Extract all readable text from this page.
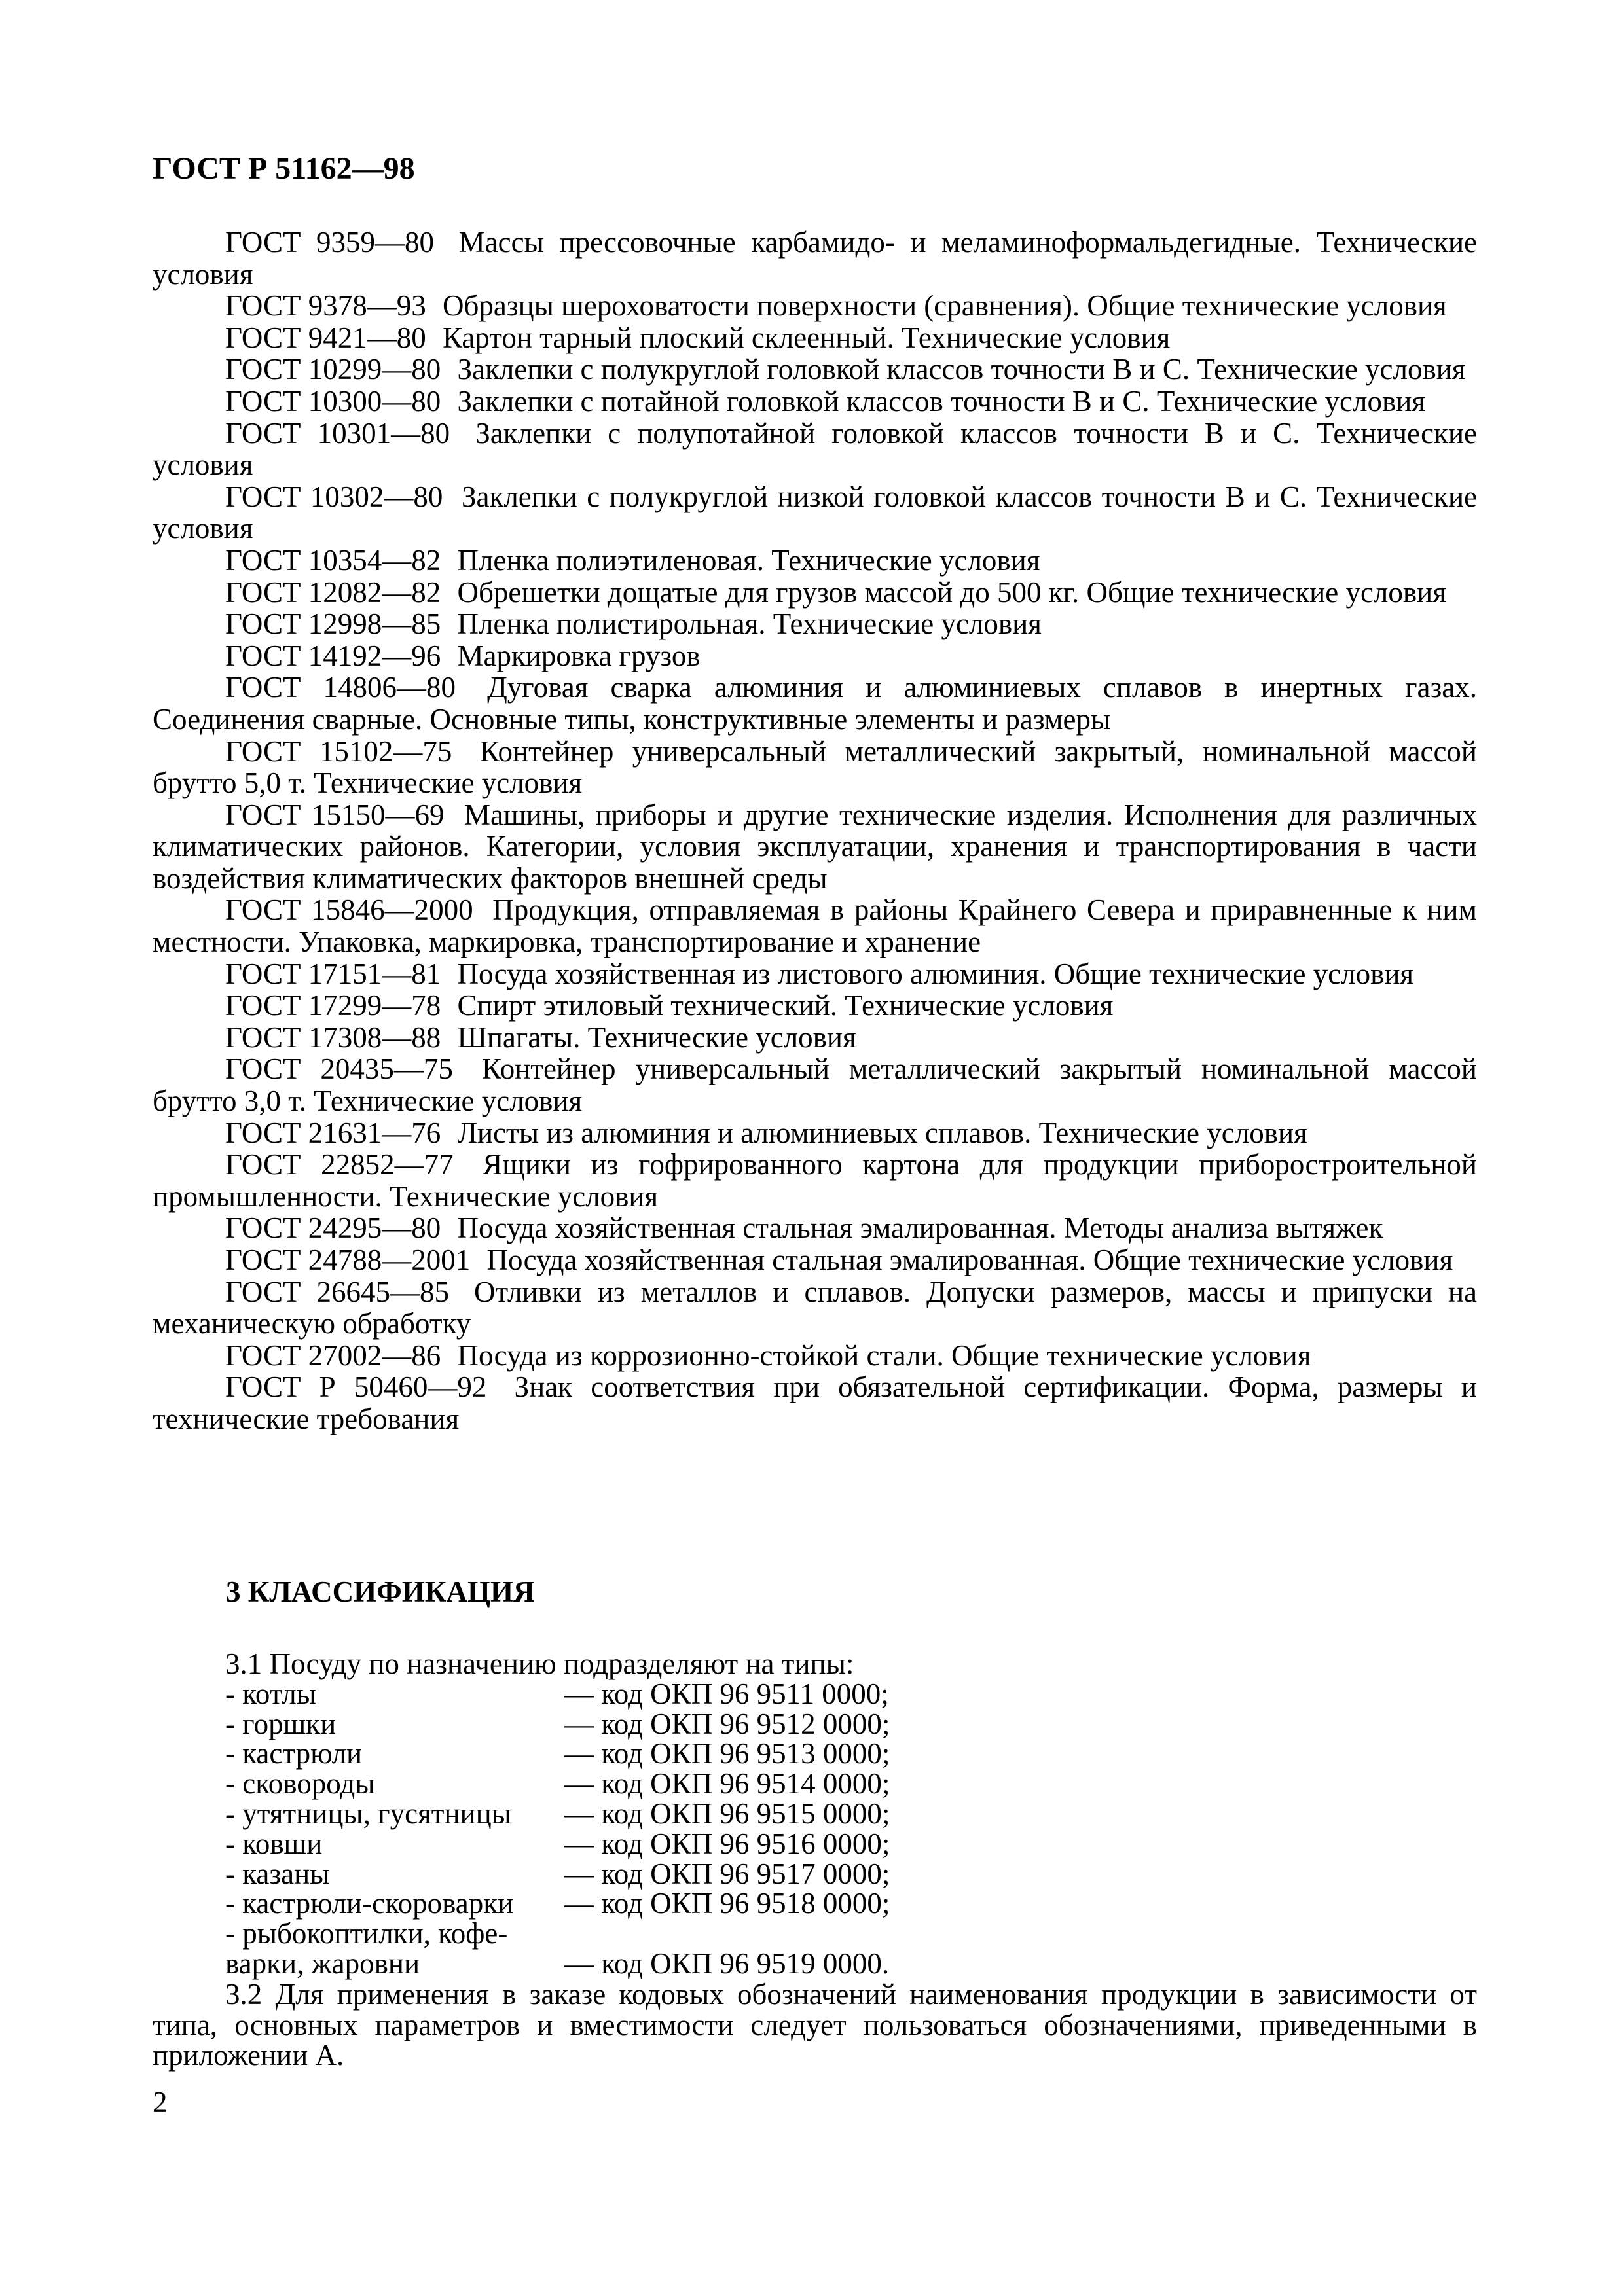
ГОСТ Р 51162—98

ГОСТ 9359—80 Массы прессовочные карбамидо- и меламиноформальдегидные. Технические условия

ГОСТ 9378—93 Образцы шероховатости поверхности (сравнения). Общие технические условия

ГОСТ 9421—80 Картон тарный плоский склеенный. Технические условия

ГОСТ 10299—80 Заклепки с полукруглой головкой классов точности В и С. Технические условия

ГОСТ 10300—80 Заклепки с потайной головкой классов точности В и С. Технические условия

ГОСТ 10301—80 Заклепки с полупотайной головкой классов точности В и С. Технические условия

ГОСТ 10302—80 Заклепки с полукруглой низкой головкой классов точности В и С. Технические условия

ГОСТ 10354—82 Пленка полиэтиленовая. Технические условия

ГОСТ 12082—82 Обрешетки дощатые для грузов массой до 500 кг. Общие технические условия

ГОСТ 12998—85 Пленка полистирольная. Технические условия

ГОСТ 14192—96 Маркировка грузов

ГОСТ 14806—80 Дуговая сварка алюминия и алюминиевых сплавов в инертных газах. Соединения сварные. Основные типы, конструктивные элементы и размеры

ГОСТ 15102—75 Контейнер универсальный металлический закрытый, номинальной массой брутто 5,0 т. Технические условия

ГОСТ 15150—69 Машины, приборы и другие технические изделия. Исполнения для различных климатических районов. Категории, условия эксплуатации, хранения и транспортирования в части воздействия климатических факторов внешней среды

ГОСТ 15846—2000 Продукция, отправляемая в районы Крайнего Севера и приравненные к ним местности. Упаковка, маркировка, транспортирование и хранение

ГОСТ 17151—81 Посуда хозяйственная из листового алюминия. Общие технические условия

ГОСТ 17299—78 Спирт этиловый технический. Технические условия

ГОСТ 17308—88 Шпагаты. Технические условия

ГОСТ 20435—75 Контейнер универсальный металлический закрытый номинальной массой брутто 3,0 т. Технические условия

ГОСТ 21631—76 Листы из алюминия и алюминиевых сплавов. Технические условия

ГОСТ 22852—77 Ящики из гофрированного картона для продукции приборостроительной промышленности. Технические условия

ГОСТ 24295—80 Посуда хозяйственная стальная эмалированная. Методы анализа вытяжек

ГОСТ 24788—2001 Посуда хозяйственная стальная эмалированная. Общие технические условия

ГОСТ 26645—85 Отливки из металлов и сплавов. Допуски размеров, массы и припуски на механическую обработку

ГОСТ 27002—86 Посуда из коррозионно-стойкой стали. Общие технические условия

ГОСТ Р 50460—92 Знак соответствия при обязательной сертификации. Форма, размеры и технические требования

3 КЛАССИФИКАЦИЯ

3.1 Посуду по назначению подразделяют на типы:

- котлы	— код ОКП 96 9511 0000;
- горшки	— код ОКП 96 9512 0000;
- кастрюли	— код ОКП 96 9513 0000;
- сковороды	— код ОКП 96 9514 0000;
- утятницы, гусятницы	— код ОКП 96 9515 0000;
- ковши	— код ОКП 96 9516 0000;
- казаны	— код ОКП 96 9517 0000;
- кастрюли-скороварки	— код ОКП 96 9518 0000;
- рыбокоптилки, кофе-
варки, жаровни	— код ОКП 96 9519 0000.

3.2 Для применения в заказе кодовых обозначений наименования продукции в зависимости от типа, основных параметров и вместимости следует пользоваться обозначениями, приведенными в приложении А.

2
